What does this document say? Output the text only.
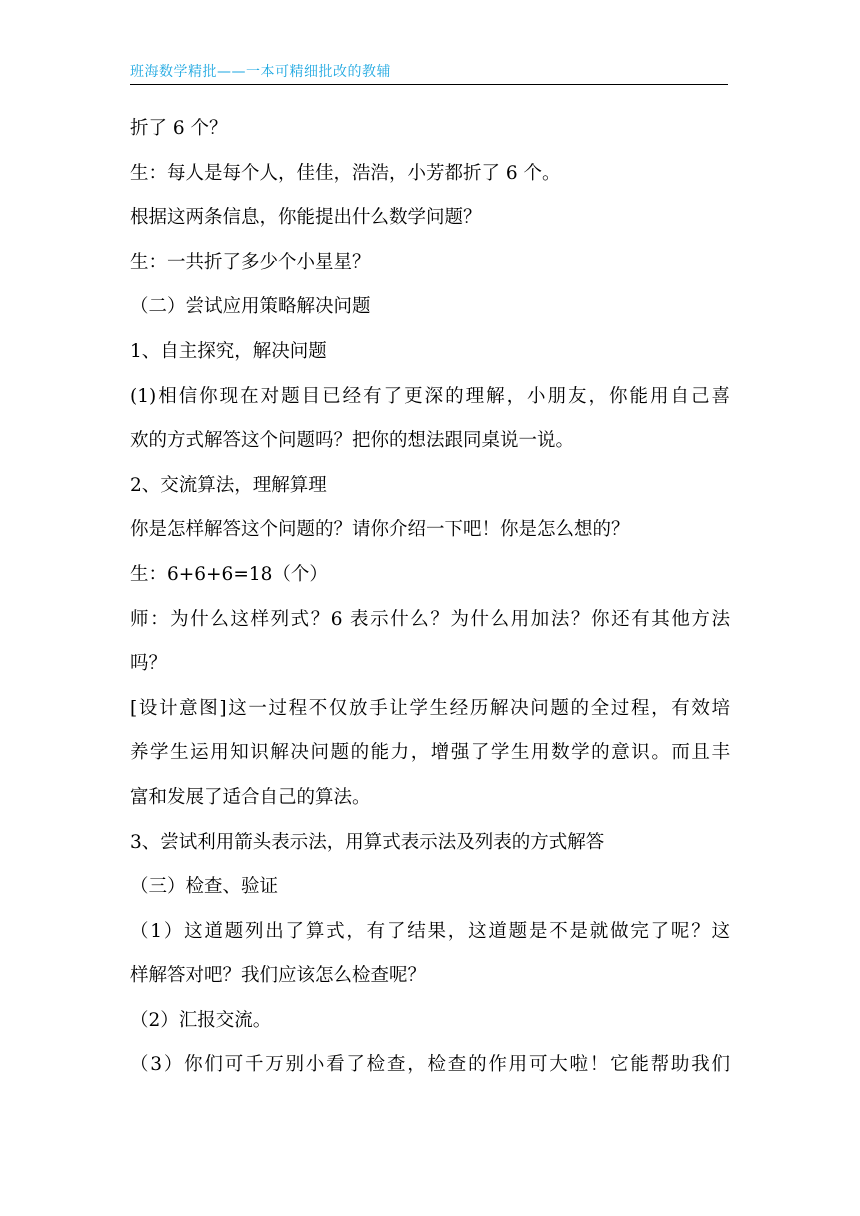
班海数学精批——一本可精细批改的教辅

折了 6 个？

生：每人是每个人，佳佳，浩浩，小芳都折了 6 个。

根据这两条信息，你能提出什么数学问题？

生：一共折了多少个小星星？

（二）尝试应用策略解决问题

1、自主探究，解决问题

(1)相信你现在对题目已经有了更深的理解，小朋友，你能用自己喜

欢的方式解答这个问题吗？把你的想法跟同桌说一说。

2、交流算法，理解算理

你是怎样解答这个问题的？请你介绍一下吧！你是怎么想的？

生：6+6+6=18（个）

师：为什么这样列式？6 表示什么？为什么用加法？你还有其他方法

吗？

[设计意图]这一过程不仅放手让学生经历解决问题的全过程，有效培

养学生运用知识解决问题的能力，增强了学生用数学的意识。而且丰

富和发展了适合自己的算法。

3、尝试利用箭头表示法，用算式表示法及列表的方式解答

（三）检查、验证

（1）这道题列出了算式，有了结果，这道题是不是就做完了呢？这

样解答对吧？我们应该怎么检查呢？

（2）汇报交流。

（3）你们可千万别小看了检查，检查的作用可大啦！它能帮助我们
